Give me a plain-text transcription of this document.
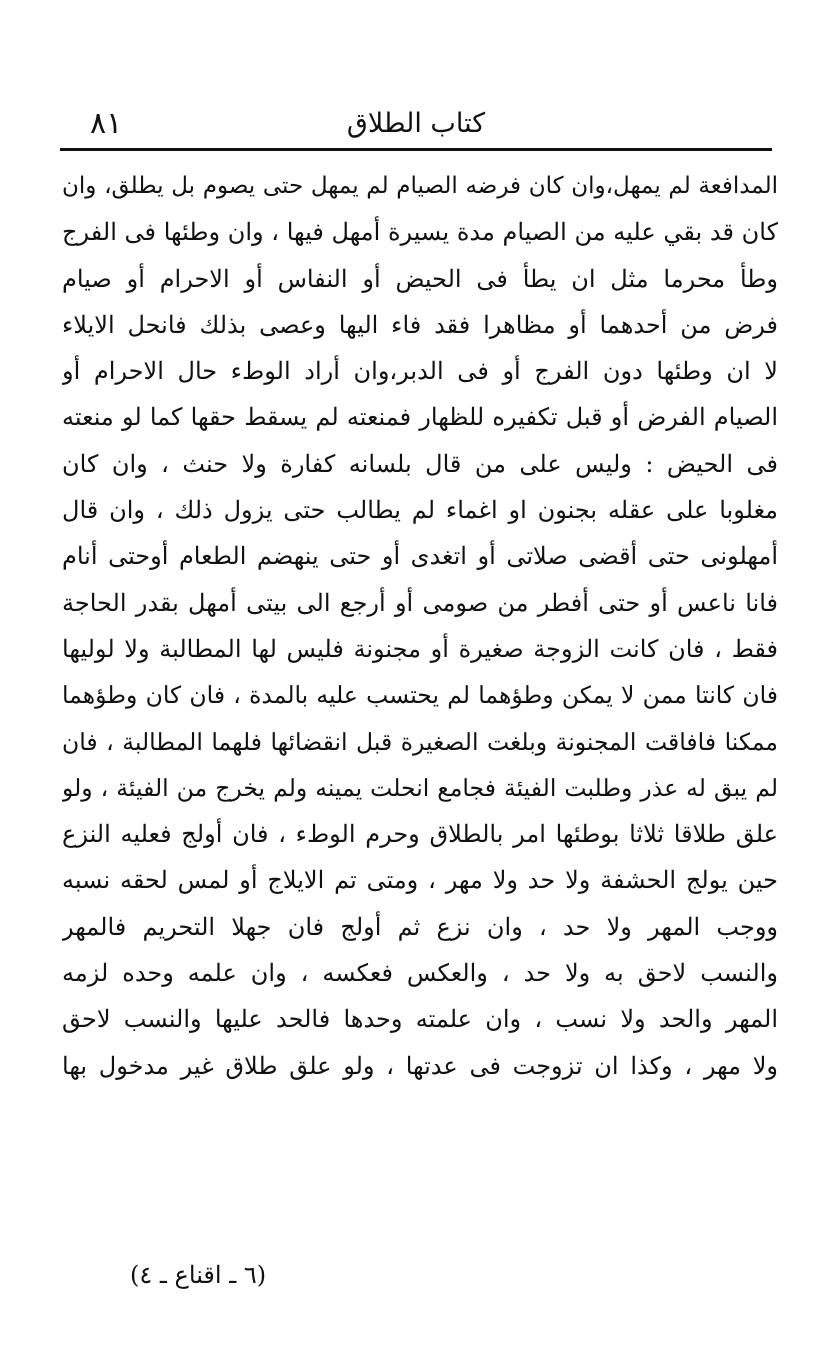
٨١	كتاب الطلاق
المدافعة لم يمهل،وان كان فرضه الصيام لم يمهل حتى يصوم بل يطلق، وان
كان قد بقي عليه من الصيام مدة يسيرة أمهل فيها ، وان وطئها فى الفرج
وطأ محرما مثل ان يطأ فى الحيض أو النفاس أو الاحرام أو صيام
فرض من أحدهما أو مظاهرا فقد فاء اليها وعصى بذلك فانحل الايلاء
لا ان وطئها دون الفرج أو فى الدبر،وان أراد الوطء حال الاحرام أو
الصيام الفرض أو قبل تكفيره للظهار فمنعته لم يسقط حقها كما لو منعته
فى الحيض : وليس على من قال بلسانه كفارة ولا حنث ، وان كان
مغلوبا على عقله بجنون او اغماء لم يطالب حتى يزول ذلك ، وان قال
أمهلونى حتى أقضى صلاتى أو اتغدى أو حتى ينهضم الطعام أوحتى أنام
فانا ناعس أو حتى أفطر من صومى أو أرجع الى بيتى أمهل بقدر الحاجة
فقط ، فان كانت الزوجة صغيرة أو مجنونة فليس لها المطالبة ولا لوليها
فان كانتا ممن لا يمكن وطؤهما لم يحتسب عليه بالمدة ، فان كان وطؤهما
ممكنا فافاقت المجنونة وبلغت الصغيرة قبل انقضائها فلهما المطالبة ، فان
لم يبق له عذر وطلبت الفيئة فجامع انحلت يمينه ولم يخرج من الفيئة ، ولو
علق طلاقا ثلاثا بوطئها امر بالطلاق وحرم الوطء ، فان أولج فعليه النزع
حين يولج الحشفة ولا حد ولا مهر ، ومتى تم الايلاج أو لمس لحقه نسبه
ووجب المهر ولا حد ، وان نزع ثم أولج فان جهلا التحريم فالمهر
والنسب لاحق به ولا حد ، والعكس فعكسه ، وان علمه وحده لزمه
المهر والحد ولا نسب ، وان علمته وحدها فالحد عليها والنسب لاحق
ولا مهر ، وكذا ان تزوجت فى عدتها ، ولو علق طلاق غير مدخول بها
(٦ ـ اقناع ـ ٤)
